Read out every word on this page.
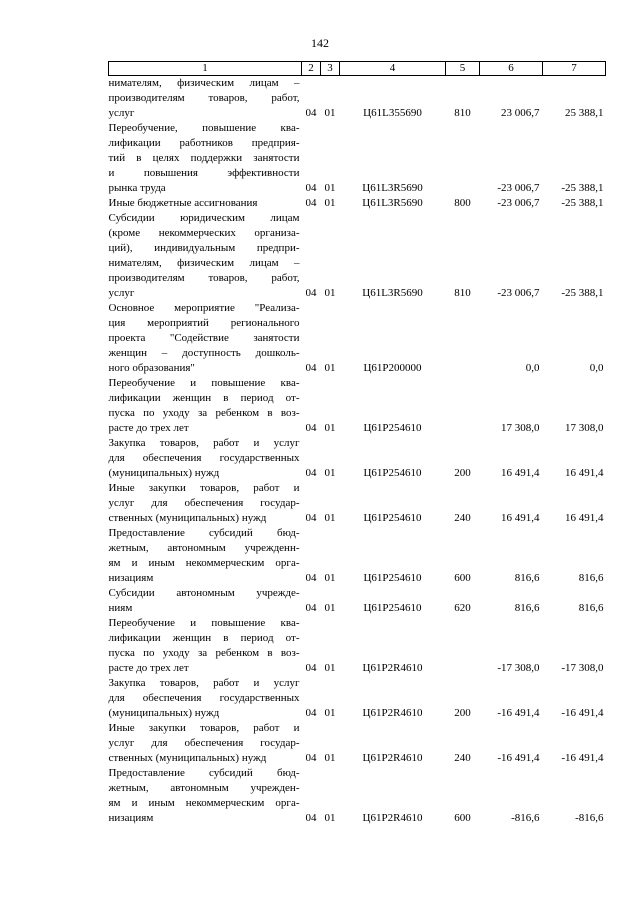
142
1	2	3	4	5	6	7
нимателям, физическим лицам –						
производителям товаров, работ,						
услуг	04	01	Ц61L355690	810	23 006,7	25 388,1
Переобучение, повышение ква-						
лификации работников предприя-						
тий в целях поддержки занятости						
и повышения эффективности						
рынка труда	04	01	Ц61L3R5690		-23 006,7	-25 388,1
Иные бюджетные ассигнования	04	01	Ц61L3R5690	800	-23 006,7	-25 388,1
Субсидии юридическим лицам						
(кроме некоммерческих организа-						
ций), индивидуальным предпри-						
нимателям, физическим лицам –						
производителям товаров, работ,						
услуг	04	01	Ц61L3R5690	810	-23 006,7	-25 388,1
Основное мероприятие "Реализа-						
ция мероприятий регионального						
проекта "Содействие занятости						
женщин – доступность дошколь-						
ного образования"	04	01	Ц61Р200000		0,0	0,0
Переобучение и повышение ква-						
лификации женщин в период от-						
пуска по уходу за ребенком в воз-						
расте до трех лет	04	01	Ц61Р254610		17 308,0	17 308,0
Закупка товаров, работ и услуг						
для обеспечения государственных						
(муниципальных) нужд	04	01	Ц61Р254610	200	16 491,4	16 491,4
Иные закупки товаров, работ и						
услуг для обеспечения государ-						
ственных (муниципальных) нужд	04	01	Ц61Р254610	240	16 491,4	16 491,4
Предоставление субсидий бюд-						
жетным, автономным учрежденн-						
ям и иным некоммерческим орга-						
низациям	04	01	Ц61Р254610	600	816,6	816,6
Субсидии автономным учрежде-						
ниям	04	01	Ц61Р254610	620	816,6	816,6
Переобучение и повышение ква-						
лификации женщин в период от-						
пуска по уходу за ребенком в воз-						
расте до трех лет	04	01	Ц61Р2R4610		-17 308,0	-17 308,0
Закупка товаров, работ и услуг						
для обеспечения государственных						
(муниципальных) нужд	04	01	Ц61Р2R4610	200	-16 491,4	-16 491,4
Иные закупки товаров, работ и						
услуг для обеспечения государ-						
ственных (муниципальных) нужд	04	01	Ц61Р2R4610	240	-16 491,4	-16 491,4
Предоставление субсидий бюд-						
жетным, автономным учрежден-						
ям и иным некоммерческим орга-						
низациям	04	01	Ц61Р2R4610	600	-816,6	-816,6
